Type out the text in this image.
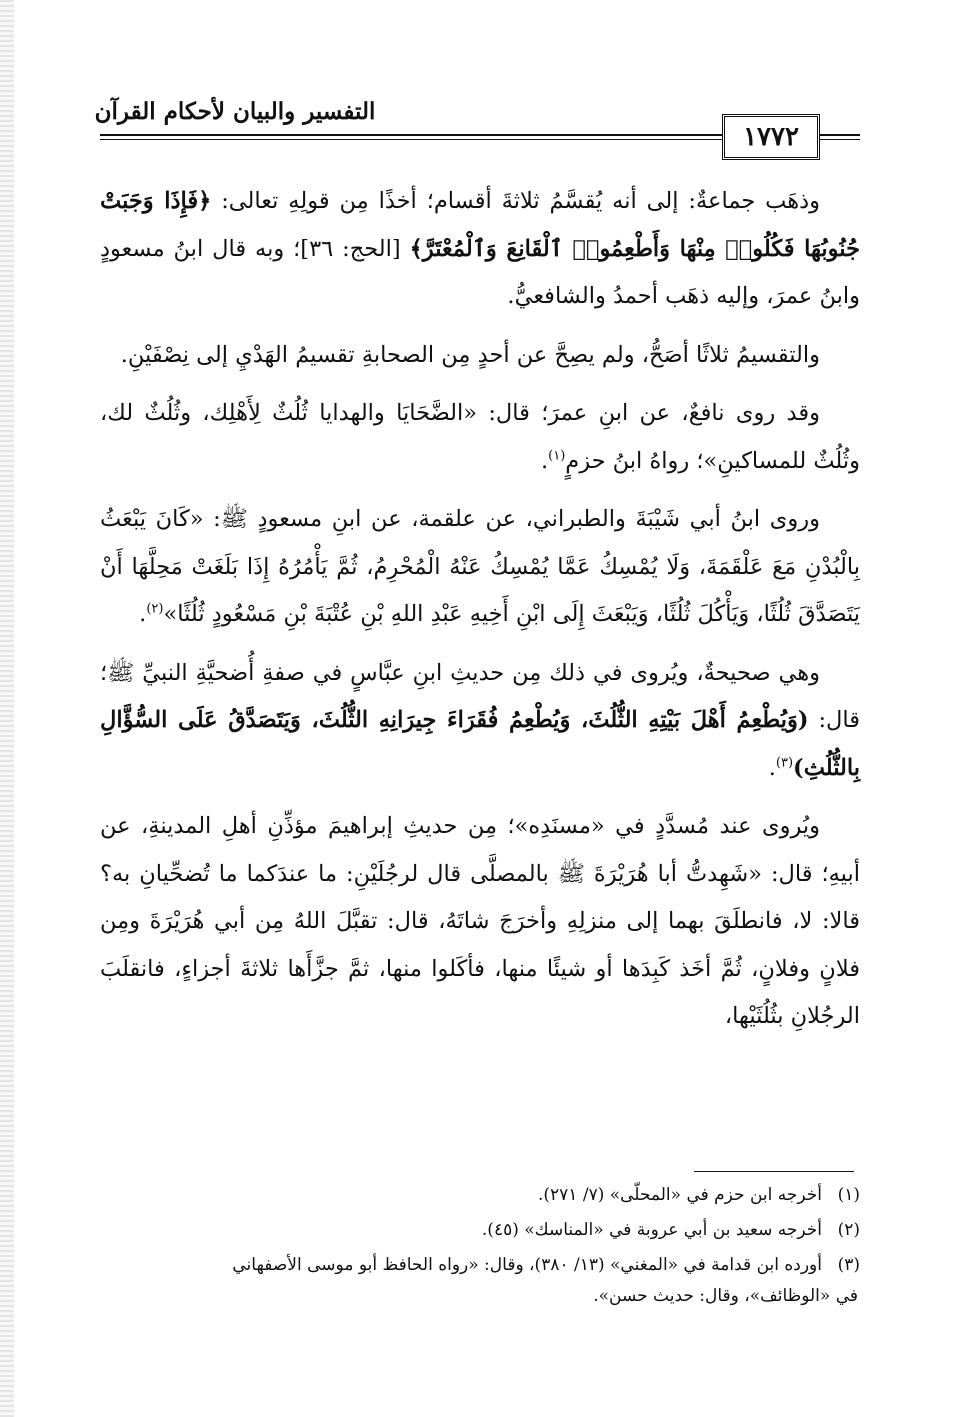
التفسير والبيان لأحكام القرآن
١٧٧٢

وذهَب جماعةٌ: إلى أنه يُقسَّمُ ثلاثةَ أقسام؛ أخذًا مِن قولِهِ تعالى: ﴿فَإِذَا وَجَبَتْ جُنُوبُهَا فَكُلُوا۟ مِنْهَا وَأَطْعِمُوا۟ ٱلْقَانِعَ وَٱلْمُعْتَرَّ﴾ [الحج: ٣٦]؛ وبه قال ابنُ مسعودٍ وابنُ عمرَ، وإليه ذهَب أحمدُ والشافعيُّ.

والتقسيمُ ثلاثًا أصَحُّ، ولم يصِحَّ عن أحدٍ مِن الصحابةِ تقسيمُ الهَدْيِ إلى نِصْفَيْنِ.

وقد روى نافعٌ، عن ابنِ عمرَ؛ قال: «الضَّحَايَا والهدايا ثُلُثٌ لِأَهْلِك، وثُلُثٌ لك، وثُلُثٌ للمساكينِ»؛ رواهُ ابنُ حزمٍ$^{(١)}$.

وروى ابنُ أبي شَيْبَةَ والطبراني، عن علقمة، عن ابنِ مسعودٍ ﷺ: «كَانَ يَبْعَثُ بِالْبُدْنِ مَعَ عَلْقَمَةَ، وَلَا يُمْسِكُ عَمَّا يُمْسِكُ عَنْهُ الْمُحْرِمُ، ثُمَّ يَأْمُرُهُ إِذَا بَلَغَتْ مَحِلَّهَا أَنْ يَتَصَدَّقَ ثُلُثًا، وَيَأْكُلَ ثُلُثًا، وَيَبْعَثَ إِلَى ابْنِ أَخِيهِ عَبْدِ اللهِ بْنِ عُتْبَةَ بْنِ مَسْعُودٍ ثُلُثًا»$^{(٢)}$.

وهي صحيحةٌ، ويُروى في ذلك مِن حديثِ ابنِ عبَّاسٍ في صفةِ أُضحيَّةِ النبيِّ ﷺ؛ قال: (وَيُطْعِمُ أَهْلَ بَيْتِهِ الثُّلُثَ، وَيُطْعِمُ فُقَرَاءَ جِيرَانِهِ الثُّلُثَ، وَيَتَصَدَّقُ عَلَى السُّؤَّالِ بِالثُّلُثِ)$^{(٣)}$.

ويُروى عند مُسدَّدٍ في «مسنَدِه»؛ مِن حديثِ إبراهيمَ مؤذِّنِ أهلِ المدينةِ، عن أبيهِ؛ قال: «شَهِدتُّ أبا هُرَيْرَةَ ﷺ بالمصلَّى قال لرجُلَيْنِ: ما عندَكما ما تُضحِّيانِ به؟ قالا: لا، فانطلَقَ بهما إلى منزلِهِ وأخرَجَ شاتَهُ، قال: تقبَّلَ اللهُ مِن أبي هُرَيْرَةَ ومِن فلانٍ وفلانٍ، ثُمَّ أخَذ كَبِدَها أو شيئًا منها، فأكَلوا منها، ثمَّ جزَّأَها ثلاثةَ أجزاءٍ، فانقلَبَ الرجُلانِ بثُلُثَيْها،

(١)أخرجه ابن حزم في «المحلّى» (٧/ ٢٧١).
(٢)أخرجه سعيد بن أبي عروبة في «المناسك» (٤٥).
(٣)أورده ابن قدامة في «المغني» (١٣/ ٣٨٠)، وقال: «رواه الحافظ أبو موسى الأصفهاني
في «الوظائف»، وقال: حديث حسن».
